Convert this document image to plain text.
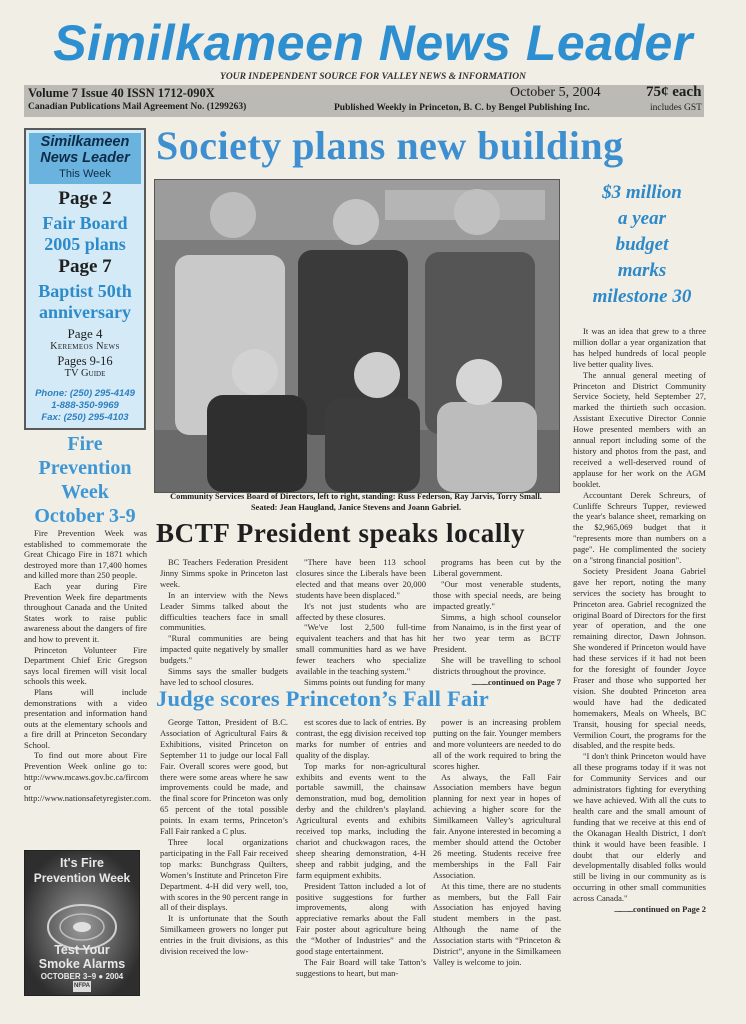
Similkameen News Leader
YOUR INDEPENDENT SOURCE FOR VALLEY NEWS & INFORMATION
Volume 7 Issue 40 ISSN 1712-090X
Canadian Publications Mail Agreement No. (1299263)
October 5, 2004
Published Weekly in Princeton, B. C. by Bengel Publishing Inc.
75¢ each
includes GST
Similkameen
News Leader
This Week
Page 2
Fair Board
2005 plans
Page 7
Baptist 50th
anniversary
Page 4
Keremeos News
Pages 9-16
TV Guide
Phone: (250) 295-4149
1-888-350-9969
Fax: (250) 295-4103
Fire
Prevention
Week
October 3-9

Fire Prevention Week was established to commemorate the Great Chicago Fire in 1871 which destroyed more than 17,400 homes and killed more than 250 people.

Each year during Fire Prevention Week fire departments throughout Canada and the United States work to raise public awareness about the dangers of fire and how to prevent it.

Princeton Volunteer Fire Department Chief Eric Gregson says local firemen will visit local schools this week.

Plans will include demonstrations with a video presentation and information hand outs at the elementary schools and a fire drill at Princeton Secondary School.

To find out more about Fire Prevention Week online go to: http://www.mcaws.gov.bc.ca/fircom or http://www.nationsafetyregister.com.

It's Fire
Prevention Week
Test Your
Smoke Alarms
OCTOBER 3–9 ● 2004
NFPA
Society plans new building
Community Services Board of Directors, left to right, standing: Russ Federson, Ray Jarvis, Torry Small. Seated: Jean Haugland, Janice Stevens and Joann Gabriel.
$3 million
a year
budget
marks
milestone 30

It was an idea that grew to a three million dollar a year organization that has helped hundreds of local people live better quality lives.

The annual general meeting of Princeton and District Community Service Society, held September 27, marked the thirtieth such occasion. Assistant Executive Director Connie Howe presented members with an annual report including some of the history and photos from the past, and received a well-deserved round of applause for her work on the AGM booklet.

Accountant Derek Schreurs, of Cunliffe Schreurs Tupper, reviewed the year's balance sheet, remarking on the $2,965,069 budget that it "represents more than numbers on a page". He complimented the society on a "strong financial position".

Society President Joana Gabriel gave her report, noting the many services the society has brought to Princeton area. Gabriel recognized the original Board of Directors for the first year of operation, and the one remaining director, Dawn Johnson. She wondered if Princeton would have had these services if it had not been for the foresight of founder Joyce Fraser and those who supported her vision. She doubted Princeton area would have had the dedicated homemakers, Meals on Wheels, BC Transit, housing for special needs, Vermilion Court, the programs for the disabled, and the respite beds.

"I don't think Princeton would have all these programs today if it was not for Community Services and our administrators fighting for everything we have achieved. With all the cuts to health care and the small amount of funding that we receive at this end of the Okanagan Health District, I don't think it would have been feasible. I doubt that our elderly and developmentally disabled folks would still be living in our community as is occurring in other small communities across Canada."

.................continued on Page 2
BCTF President speaks locally

BC Teachers Federation President Jinny Simms spoke in Princeton last week.

In an interview with the News Leader Simms talked about the difficulties teachers face in small communities.

"Rural communities are being impacted quite negatively by smaller budgets."

Simms says the smaller budgets have led to school closures.

"There have been 113 school closures since the Liberals have been elected and that means over 20,000 students have been displaced."

It's not just students who are affected by these closures.

"We've lost 2,500 full-time equivalent teachers and that has hit small communities hard as we have fewer teachers who specialize available in the teaching system."

Simms points out funding for many

programs has been cut by the Liberal government.

"Our most venerable students, those with special needs, are being impacted greatly."

Simms, a high school counselor from Nanaimo, is in the first year of her two year term as BCTF President.

She will be travelling to school districts throughout the province.

...............continued on Page 7
Judge scores Princeton’s Fall Fair

George Tatton, President of B.C. Association of Agricultural Fairs & Exhibitions, visited Princeton on September 11 to judge our local Fall Fair. Overall scores were good, but there were some areas where he saw improvements could be made, and the final score for Princeton was only 65 percent of the total possible points. In exam terms, Princeton’s Fall Fair ranked a C plus.

Three local organizations participating in the Fall Fair received top marks: Bunchgrass Quilters, Women’s Institute and Princeton Fire Department. 4-H did very well, too, with scores in the 90 percent range in all of their displays.

It is unfortunate that the South Similkameen growers no longer put entries in the fruit divisions, as this division received the low-

est scores due to lack of entries. By contrast, the egg division received top marks for number of entries and quality of the display.

Top marks for non-agricultural exhibits and events went to the portable sawmill, the chainsaw demonstration, mud bog, demolition derby and the children’s playland. Agricultural events and exhibits received top marks, including the chariot and chuckwagon races, the sheep shearing demonstration, 4-H sheep and rabbit judging, and the farm equipment exhibits.

President Tatton included a lot of positive suggestions for further improvements, along with appreciative remarks about the Fall Fair poster about agriculture being the “Mother of Industries” and the good stage entertainment.

The Fair Board will take Tatton’s suggestions to heart, but man-

power is an increasing problem putting on the fair. Younger members and more volunteers are needed to do all of the work required to bring the scores higher.

As always, the Fall Fair Association members have begun planning for next year in hopes of achieving a higher score for the Similkameen Valley’s agricultural fair. Anyone interested in becoming a member should attend the October 26 meeting. Students receive free memberships in the Fall Fair Association.

At this time, there are no students as members, but the Fall Fair Association has enjoyed having student members in the past. Although the name of the Association starts with “Princeton & District”, anyone in the Similkameen Valley is welcome to join.
